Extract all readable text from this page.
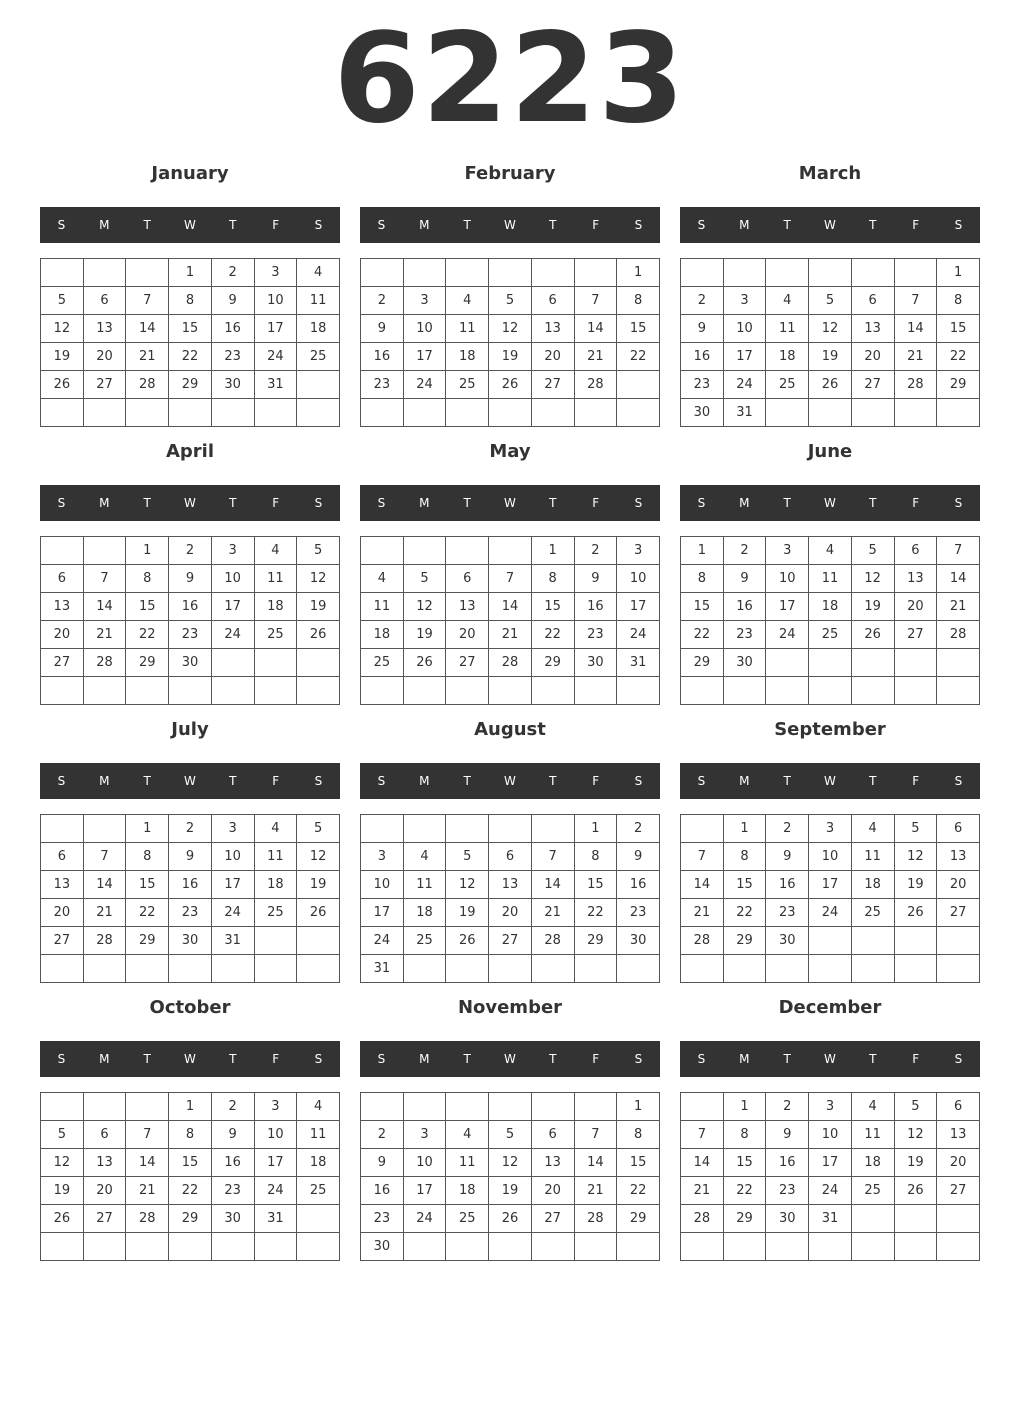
6223
January
S	M	T	W	T	F	S
			1	2	3	4
5	6	7	8	9	10	11
12	13	14	15	16	17	18
19	20	21	22	23	24	25
26	27	28	29	30	31	

February
S	M	T	W	T	F	S
						1
2	3	4	5	6	7	8
9	10	11	12	13	14	15
16	17	18	19	20	21	22
23	24	25	26	27	28	

March
S	M	T	W	T	F	S
						1
2	3	4	5	6	7	8
9	10	11	12	13	14	15
16	17	18	19	20	21	22
23	24	25	26	27	28	29
30	31					
April
S	M	T	W	T	F	S
		1	2	3	4	5
6	7	8	9	10	11	12
13	14	15	16	17	18	19
20	21	22	23	24	25	26
27	28	29	30			

May
S	M	T	W	T	F	S
				1	2	3
4	5	6	7	8	9	10
11	12	13	14	15	16	17
18	19	20	21	22	23	24
25	26	27	28	29	30	31

June
S	M	T	W	T	F	S
1	2	3	4	5	6	7
8	9	10	11	12	13	14
15	16	17	18	19	20	21
22	23	24	25	26	27	28
29	30					

July
S	M	T	W	T	F	S
		1	2	3	4	5
6	7	8	9	10	11	12
13	14	15	16	17	18	19
20	21	22	23	24	25	26
27	28	29	30	31		

August
S	M	T	W	T	F	S
					1	2
3	4	5	6	7	8	9
10	11	12	13	14	15	16
17	18	19	20	21	22	23
24	25	26	27	28	29	30
31						
September
S	M	T	W	T	F	S
	1	2	3	4	5	6
7	8	9	10	11	12	13
14	15	16	17	18	19	20
21	22	23	24	25	26	27
28	29	30				

October
S	M	T	W	T	F	S
			1	2	3	4
5	6	7	8	9	10	11
12	13	14	15	16	17	18
19	20	21	22	23	24	25
26	27	28	29	30	31	

November
S	M	T	W	T	F	S
						1
2	3	4	5	6	7	8
9	10	11	12	13	14	15
16	17	18	19	20	21	22
23	24	25	26	27	28	29
30						
December
S	M	T	W	T	F	S
	1	2	3	4	5	6
7	8	9	10	11	12	13
14	15	16	17	18	19	20
21	22	23	24	25	26	27
28	29	30	31			
